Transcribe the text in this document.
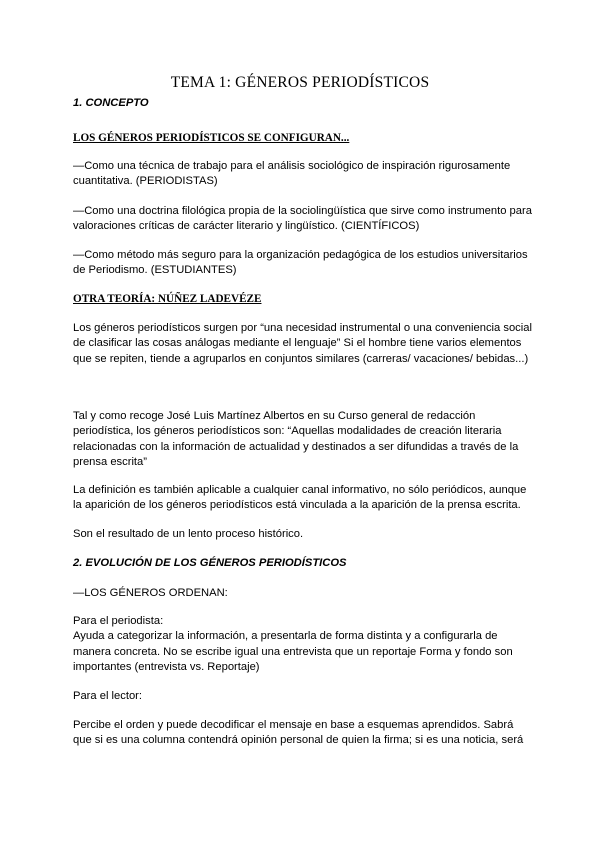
TEMA 1: GÉNEROS PERIODÍSTICOS
1. CONCEPTO
LOS GÉNEROS PERIODÍSTICOS SE CONFIGURAN...
—Como una técnica de trabajo para el análisis sociológico de inspiración rigurosamente
cuantitativa. (PERIODISTAS)
—Como una doctrina filológica propia de la sociolingüística que sirve como instrumento para
valoraciones críticas de carácter literario y lingüístico. (CIENTÍFICOS)
—Como método más seguro para la organización pedagógica de los estudios universitarios
de Periodismo. (ESTUDIANTES)
OTRA TEORÍA: NÚÑEZ LADEVÉZE
Los géneros periodísticos surgen por “una necesidad instrumental o una conveniencia social
de clasificar las cosas análogas mediante el lenguaje” Si el hombre tiene varios elementos
que se repiten, tiende a agruparlos en conjuntos similares (carreras/ vacaciones/ bebidas...)
Tal y como recoge José Luis Martínez Albertos en su Curso general de redacción
periodística, los géneros periodísticos son: “Aquellas modalidades de creación literaria
relacionadas con la información de actualidad y destinados a ser difundidas a través de la
prensa escrita”
La definición es también aplicable a cualquier canal informativo, no sólo periódicos, aunque
la aparición de los géneros periodísticos está vinculada a la aparición de la prensa escrita.
Son el resultado de un lento proceso histórico.
2. EVOLUCIÓN DE LOS GÉNEROS PERIODÍSTICOS
—LOS GÉNEROS ORDENAN:
Para el periodista:
Ayuda a categorizar la información, a presentarla de forma distinta y a configurarla de
manera concreta. No se escribe igual una entrevista que un reportaje Forma y fondo son
importantes (entrevista vs. Reportaje)
Para el lector:
Percibe el orden y puede decodificar el mensaje en base a esquemas aprendidos. Sabrá
que si es una columna contendrá opinión personal de quien la firma; si es una noticia, será
